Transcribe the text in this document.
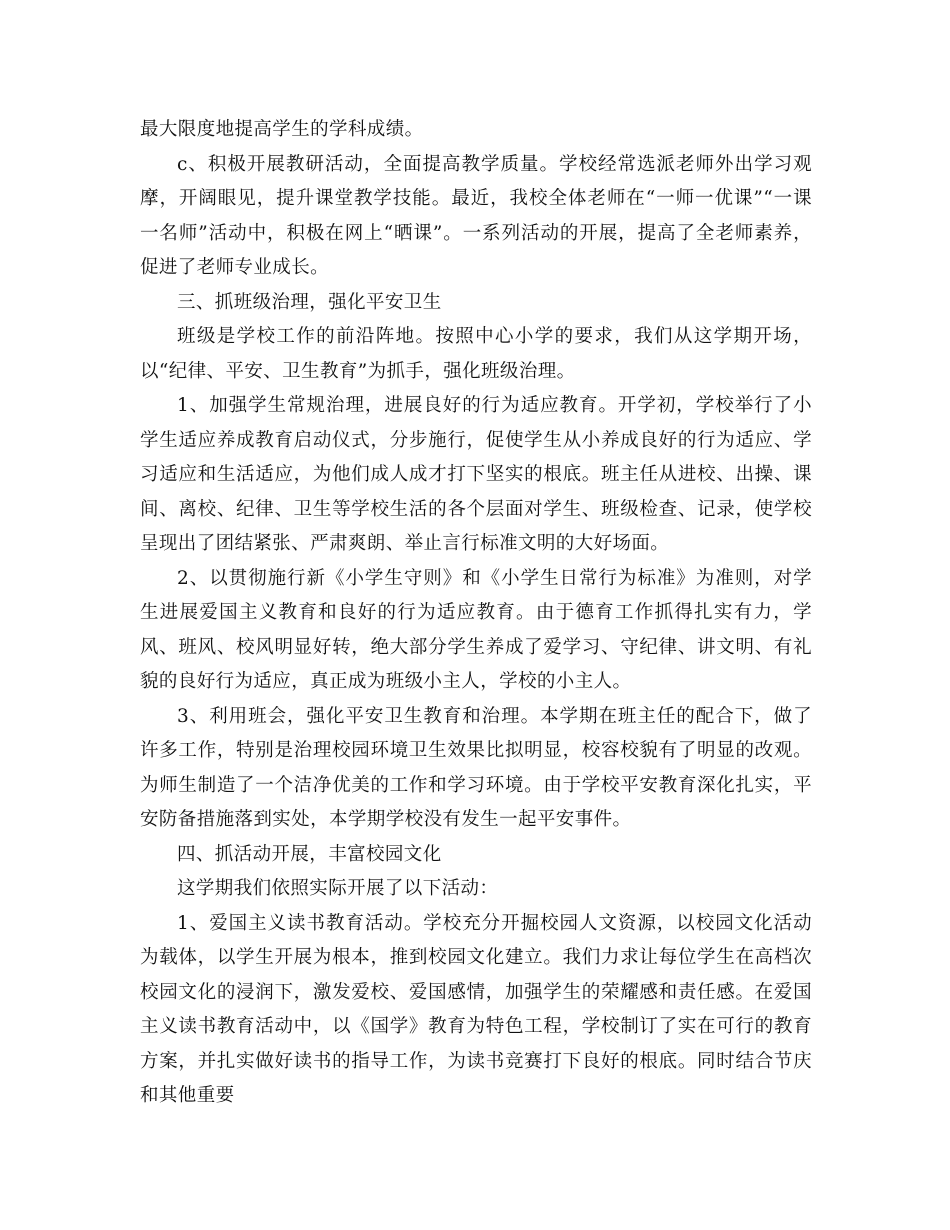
最大限度地提高学生的学科成绩。

c、积极开展教研活动，全面提高教学质量。学校经常选派老师外出学习观摩，开阔眼见，提升课堂教学技能。最近，我校全体老师在“一师一优课”“一课一名师”活动中，积极在网上“晒课”。一系列活动的开展，提高了全老师素养，促进了老师专业成长。

三、抓班级治理，强化平安卫生

班级是学校工作的前沿阵地。按照中心小学的要求，我们从这学期开场，以“纪律、平安、卫生教育”为抓手，强化班级治理。

1、加强学生常规治理，进展良好的行为适应教育。开学初，学校举行了小学生适应养成教育启动仪式，分步施行，促使学生从小养成良好的行为适应、学习适应和生活适应，为他们成人成才打下坚实的根底。班主任从进校、出操、课间、离校、纪律、卫生等学校生活的各个层面对学生、班级检查、记录，使学校呈现出了团结紧张、严肃爽朗、举止言行标准文明的大好场面。

2、以贯彻施行新《小学生守则》和《小学生日常行为标准》为准则，对学生进展爱国主义教育和良好的行为适应教育。由于德育工作抓得扎实有力，学风、班风、校风明显好转，绝大部分学生养成了爱学习、守纪律、讲文明、有礼貌的良好行为适应，真正成为班级小主人，学校的小主人。

3、利用班会，强化平安卫生教育和治理。本学期在班主任的配合下，做了许多工作，特别是治理校园环境卫生效果比拟明显，校容校貌有了明显的改观。为师生制造了一个洁净优美的工作和学习环境。由于学校平安教育深化扎实，平安防备措施落到实处，本学期学校没有发生一起平安事件。

四、抓活动开展，丰富校园文化

这学期我们依照实际开展了以下活动：

1、爱国主义读书教育活动。学校充分开掘校园人文资源，以校园文化活动为载体，以学生开展为根本，推到校园文化建立。我们力求让每位学生在高档次校园文化的浸润下，激发爱校、爱国感情，加强学生的荣耀感和责任感。在爱国主义读书教育活动中，以《国学》教育为特色工程，学校制订了实在可行的教育方案，并扎实做好读书的指导工作，为读书竞赛打下良好的根底。同时结合节庆和其他重要
